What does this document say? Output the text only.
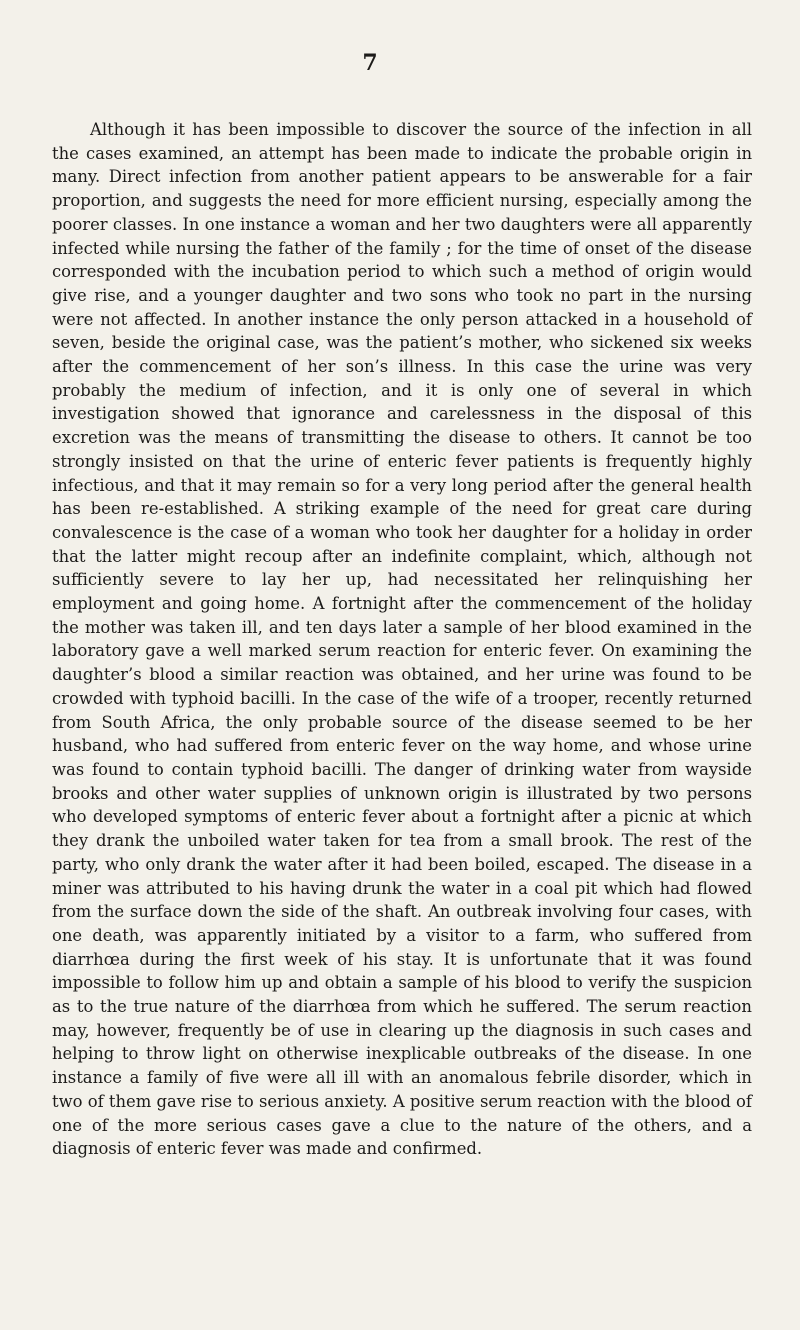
7

Although it has been impossible to discover the source of the infection in all the cases examined, an attempt has been made to indicate the probable origin in many. Direct infection from another patient appears to be answerable for a fair proportion, and suggests the need for more efficient nursing, especially among the poorer classes. In one instance a woman and her two daughters were all apparently infected while nursing the father of the family ; for the time of onset of the disease corresponded with the incubation period to which such a method of origin would give rise, and a younger daughter and two sons who took no part in the nursing were not affected. In another instance the only person attacked in a household of seven, beside the original case, was the patient’s mother, who sickened six weeks after the commencement of her son’s illness. In this case the urine was very probably the medium of infection, and it is only one of several in which investigation showed that ignorance and carelessness in the disposal of this excretion was the means of transmitting the disease to others. It cannot be too strongly insisted on that the urine of enteric fever patients is frequently highly infectious, and that it may remain so for a very long period after the general health has been re-established. A striking example of the need for great care during convalescence is the case of a woman who took her daughter for a holiday in order that the latter might recoup after an indefinite complaint, which, although not sufficiently severe to lay her up, had necessitated her relinquishing her employment and going home. A fortnight after the commencement of the holiday the mother was taken ill, and ten days later a sample of her blood examined in the laboratory gave a well marked serum reaction for enteric fever. On examining the daughter’s blood a similar reaction was obtained, and her urine was found to be crowded with typhoid bacilli. In the case of the wife of a trooper, recently returned from South Africa, the only probable source of the disease seemed to be her husband, who had suffered from enteric fever on the way home, and whose urine was found to contain typhoid bacilli. The danger of drinking water from wayside brooks and other water supplies of unknown origin is illustrated by two persons who developed symptoms of enteric fever about a fortnight after a picnic at which they drank the unboiled water taken for tea from a small brook. The rest of the party, who only drank the water after it had been boiled, escaped. The disease in a miner was attributed to his having drunk the water in a coal pit which had flowed from the surface down the side of the shaft. An outbreak involving four cases, with one death, was apparently initiated by a visitor to a farm, who suffered from diarrhœa during the first week of his stay. It is unfortunate that it was found impossible to follow him up and obtain a sample of his blood to verify the suspicion as to the true nature of the diarrhœa from which he suffered. The serum reaction may, however, frequently be of use in clearing up the diagnosis in such cases and helping to throw light on otherwise inexplicable outbreaks of the disease. In one instance a family of five were all ill with an anomalous febrile disorder, which in two of them gave rise to serious anxiety. A positive serum reaction with the blood of one of the more serious cases gave a clue to the nature of the others, and a diagnosis of enteric fever was made and confirmed.
